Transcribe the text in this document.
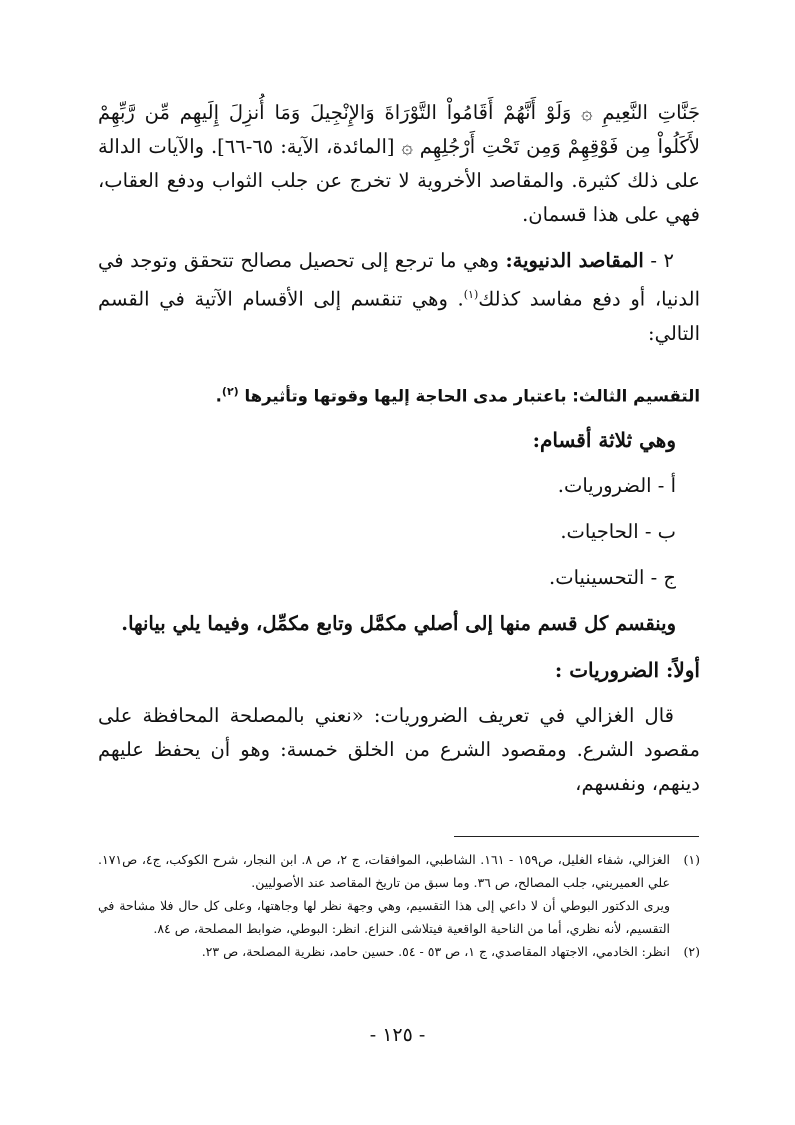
جَنَّاتِ النَّعِيمِ ۞ وَلَوْ أَنَّهُمْ أَقَامُواْ التَّوْرَاةَ وَالإِنْجِيلَ وَمَا أُنزِلَ إِلَيهِم مِّن رَّبِّهِمْ لأَكَلُواْ مِن فَوْقِهِمْ وَمِن تَحْتِ أَرْجُلِهِم ۞ [المائدة، الآية: ٦٥-٦٦]. والآيات الدالة على ذلك كثيرة. والمقاصد الأخروية لا تخرج عن جلب الثواب ودفع العقاب، فهي على هذا قسمان.

٢ - المقاصد الدنيوية: وهي ما ترجع إلى تحصيل مصالح تتحقق وتوجد في الدنيا، أو دفع مفاسد كذلك$^{(١)}$. وهي تنقسم إلى الأقسام الآتية في القسم التالي:

التقسيم الثالث: باعتبار مدى الحاجة إليها وقوتها وتأثيرها $^{(٢)}$.

وهي ثلاثة أقسام:

أ - الضروريات.

ب - الحاجيات.

ج - التحسينيات.

وينقسم كل قسم منها إلى أصلي مكمَّل وتابع مكمِّل، وفيما يلي بيانها.

أولاً: الضروريات :

قال الغزالي في تعريف الضروريات: «نعني بالمصلحة المحافظة على مقصود الشرع. ومقصود الشرع من الخلق خمسة: وهو أن يحفظ عليهم دينهم، ونفسهم،

(١)
الغزالي، شفاء الغليل، ص١٥٩ - ١٦١. الشاطبي، الموافقات، ج ٢، ص ٨. ابن النجار، شرح الكوكب، ج٤، ص١٧١. علي العميريني، جلب المصالح، ص ٣٦. وما سبق من تاريخ المقاصد عند الأصوليين.

ويرى الدكتور البوطي أن لا داعي إلى هذا التقسيم، وهي وجهة نظر لها وجاهتها، وعلى كل حال فلا مشاحة في التقسيم، لأنه نظري، أما من الناحية الواقعية فيتلاشى النزاع. انظر: البوطي، ضوابط المصلحة، ص ٨٤.

(٢)
انظر: الخادمي، الاجتهاد المقاصدي، ج ١، ص ٥٣ - ٥٤. حسين حامد، نظرية المصلحة، ص ٢٣.
- ١٢٥ -
